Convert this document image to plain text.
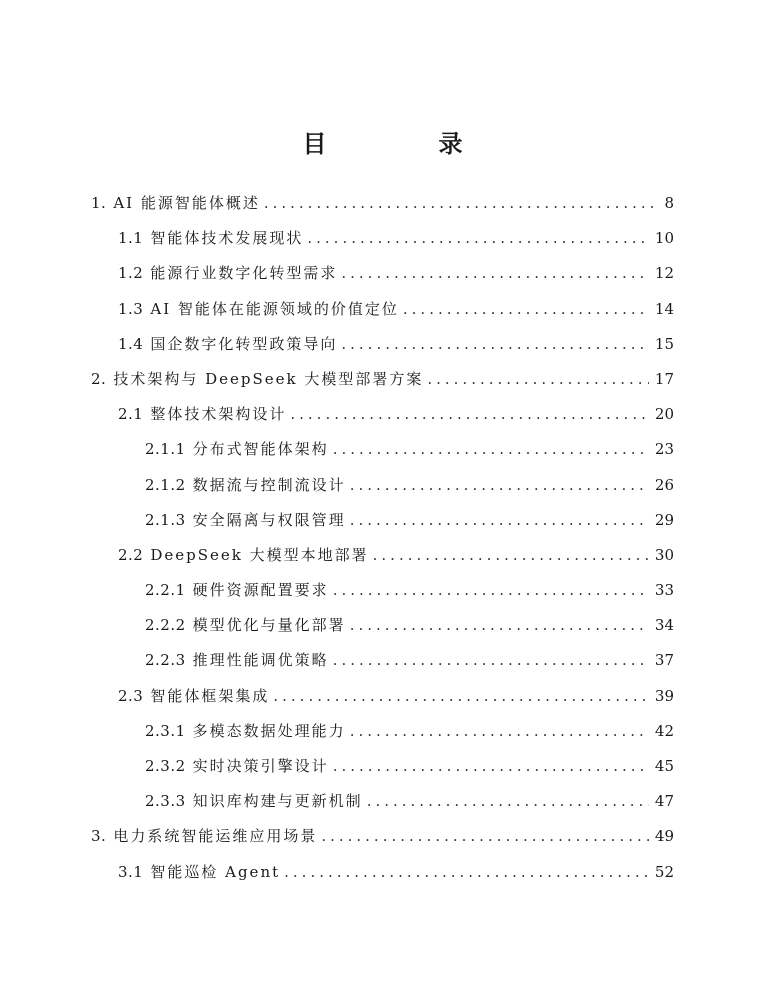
目　录
1. AI 能源智能体概述 .....	8
1.1 智能体技术发展现状 .....	10
1.2 能源行业数字化转型需求 .....	12
1.3 AI 智能体在能源领域的价值定位 .....	14
1.4 国企数字化转型政策导向 .....	15
2. 技术架构与 DeepSeek 大模型部署方案 .....	17
2.1 整体技术架构设计 .....	20
2.1.1 分布式智能体架构 .....	23
2.1.2 数据流与控制流设计 .....	26
2.1.3 安全隔离与权限管理 .....	29
2.2 DeepSeek 大模型本地部署 .....	30
2.2.1 硬件资源配置要求 .....	33
2.2.2 模型优化与量化部署 .....	34
2.2.3 推理性能调优策略 .....	37
2.3 智能体框架集成 .....	39
2.3.1 多模态数据处理能力 .....	42
2.3.2 实时决策引擎设计 .....	45
2.3.3 知识库构建与更新机制 .....	47
3. 电力系统智能运维应用场景 .....	49
3.1 智能巡检 Agent .....	52
